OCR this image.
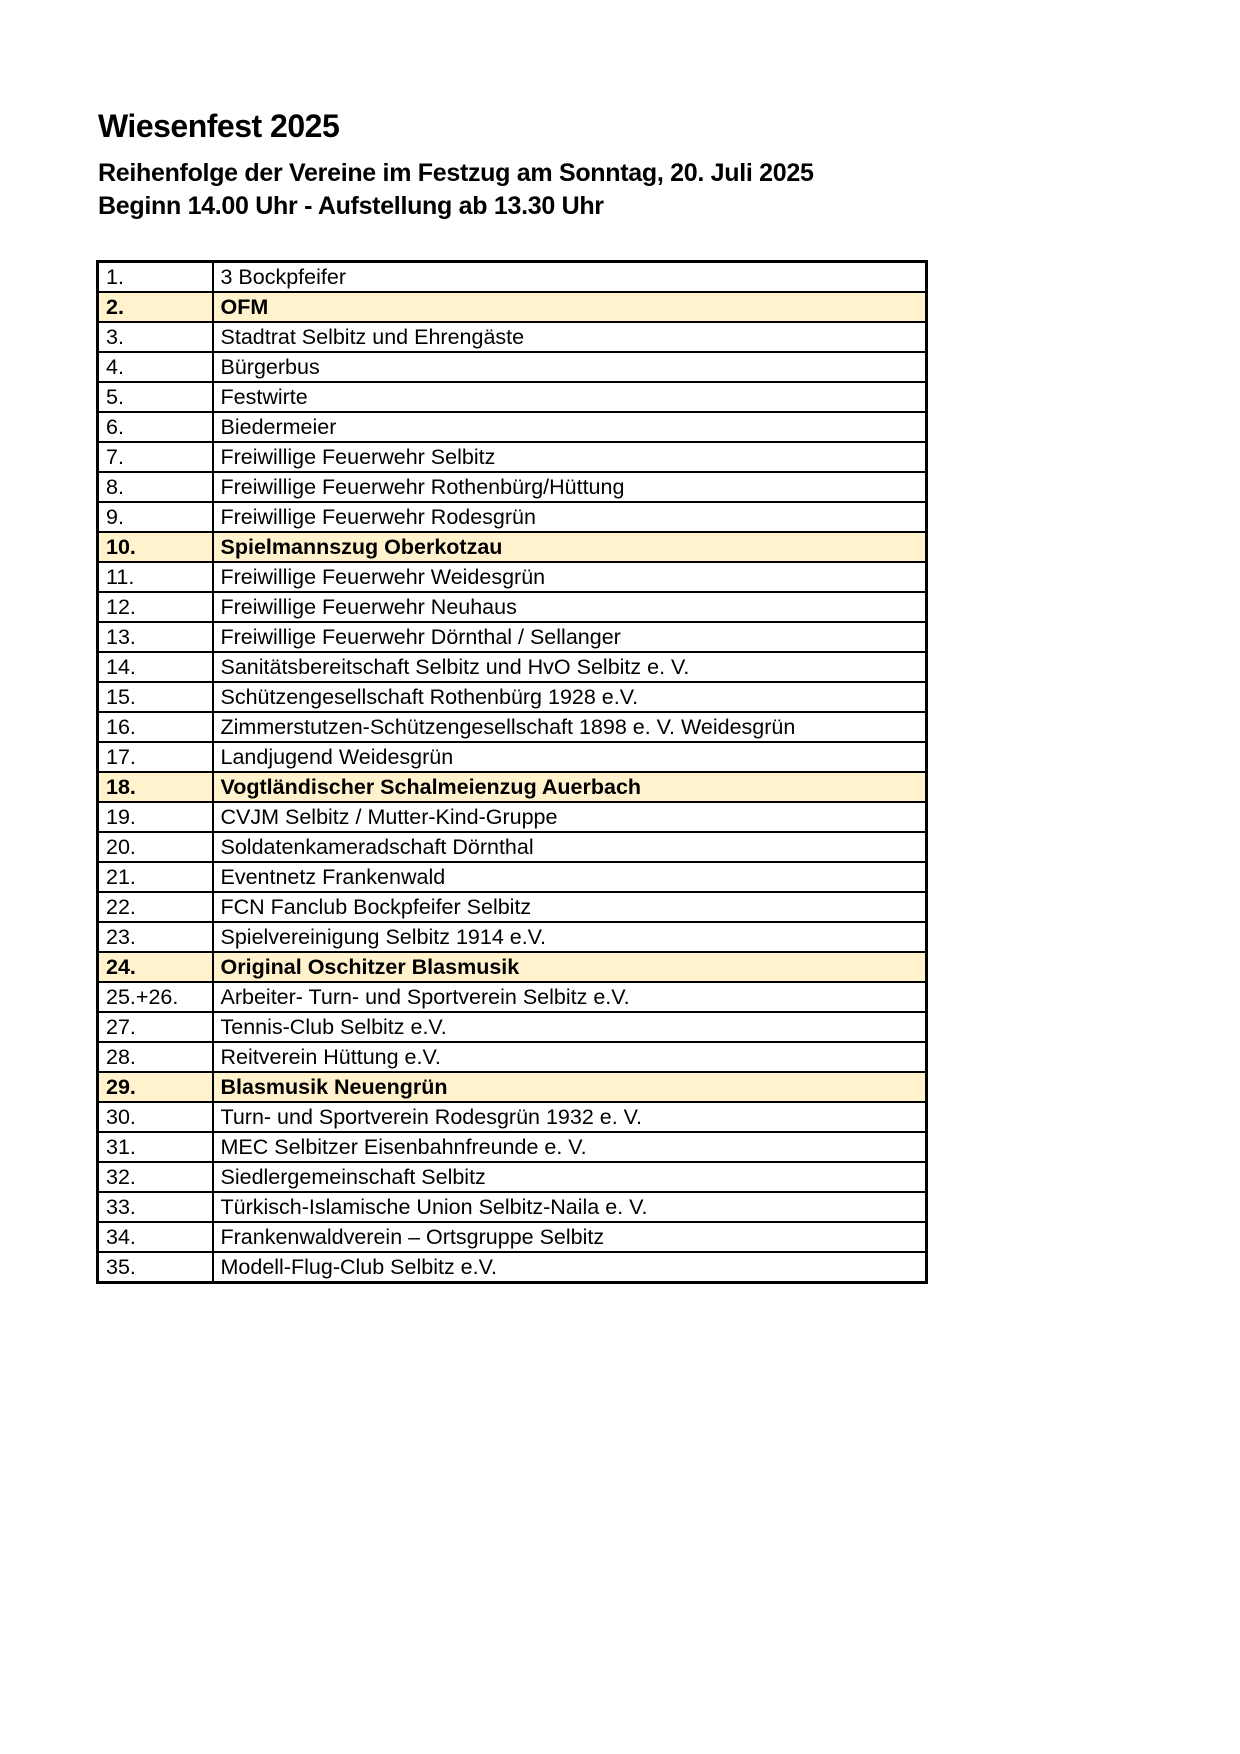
Wiesenfest 2025

Reihenfolge der Vereine im Festzug am Sonntag, 20. Juli 2025

Beginn 14.00 Uhr - Aufstellung ab 13.30 Uhr

1.	3 Bockpfeifer
2.	OFM
3.	Stadtrat Selbitz und Ehrengäste
4.	Bürgerbus
5.	Festwirte
6.	Biedermeier
7.	Freiwillige Feuerwehr Selbitz
8.	Freiwillige Feuerwehr Rothenbürg/Hüttung
9.	Freiwillige Feuerwehr Rodesgrün
10.	Spielmannszug Oberkotzau
11.	Freiwillige Feuerwehr Weidesgrün
12.	Freiwillige Feuerwehr Neuhaus
13.	Freiwillige Feuerwehr Dörnthal / Sellanger
14.	Sanitätsbereitschaft Selbitz und HvO Selbitz e. V.
15.	Schützengesellschaft Rothenbürg 1928 e.V.
16.	Zimmerstutzen-Schützengesellschaft 1898 e. V. Weidesgrün
17.	Landjugend Weidesgrün
18.	Vogtländischer Schalmeienzug Auerbach
19.	CVJM Selbitz / Mutter-Kind-Gruppe
20.	Soldatenkameradschaft Dörnthal
21.	Eventnetz Frankenwald
22.	FCN Fanclub Bockpfeifer Selbitz
23.	Spielvereinigung Selbitz 1914 e.V.
24.	Original Oschitzer Blasmusik
25.+26.	Arbeiter- Turn- und Sportverein Selbitz e.V.
27.	Tennis-Club Selbitz e.V.
28.	Reitverein Hüttung e.V.
29.	Blasmusik Neuengrün
30.	Turn- und Sportverein Rodesgrün 1932 e. V.
31.	MEC Selbitzer Eisenbahnfreunde e. V.
32.	Siedlergemeinschaft Selbitz
33.	Türkisch-Islamische Union Selbitz-Naila e. V.
34.	Frankenwaldverein – Ortsgruppe Selbitz
35.	Modell-Flug-Club Selbitz e.V.
